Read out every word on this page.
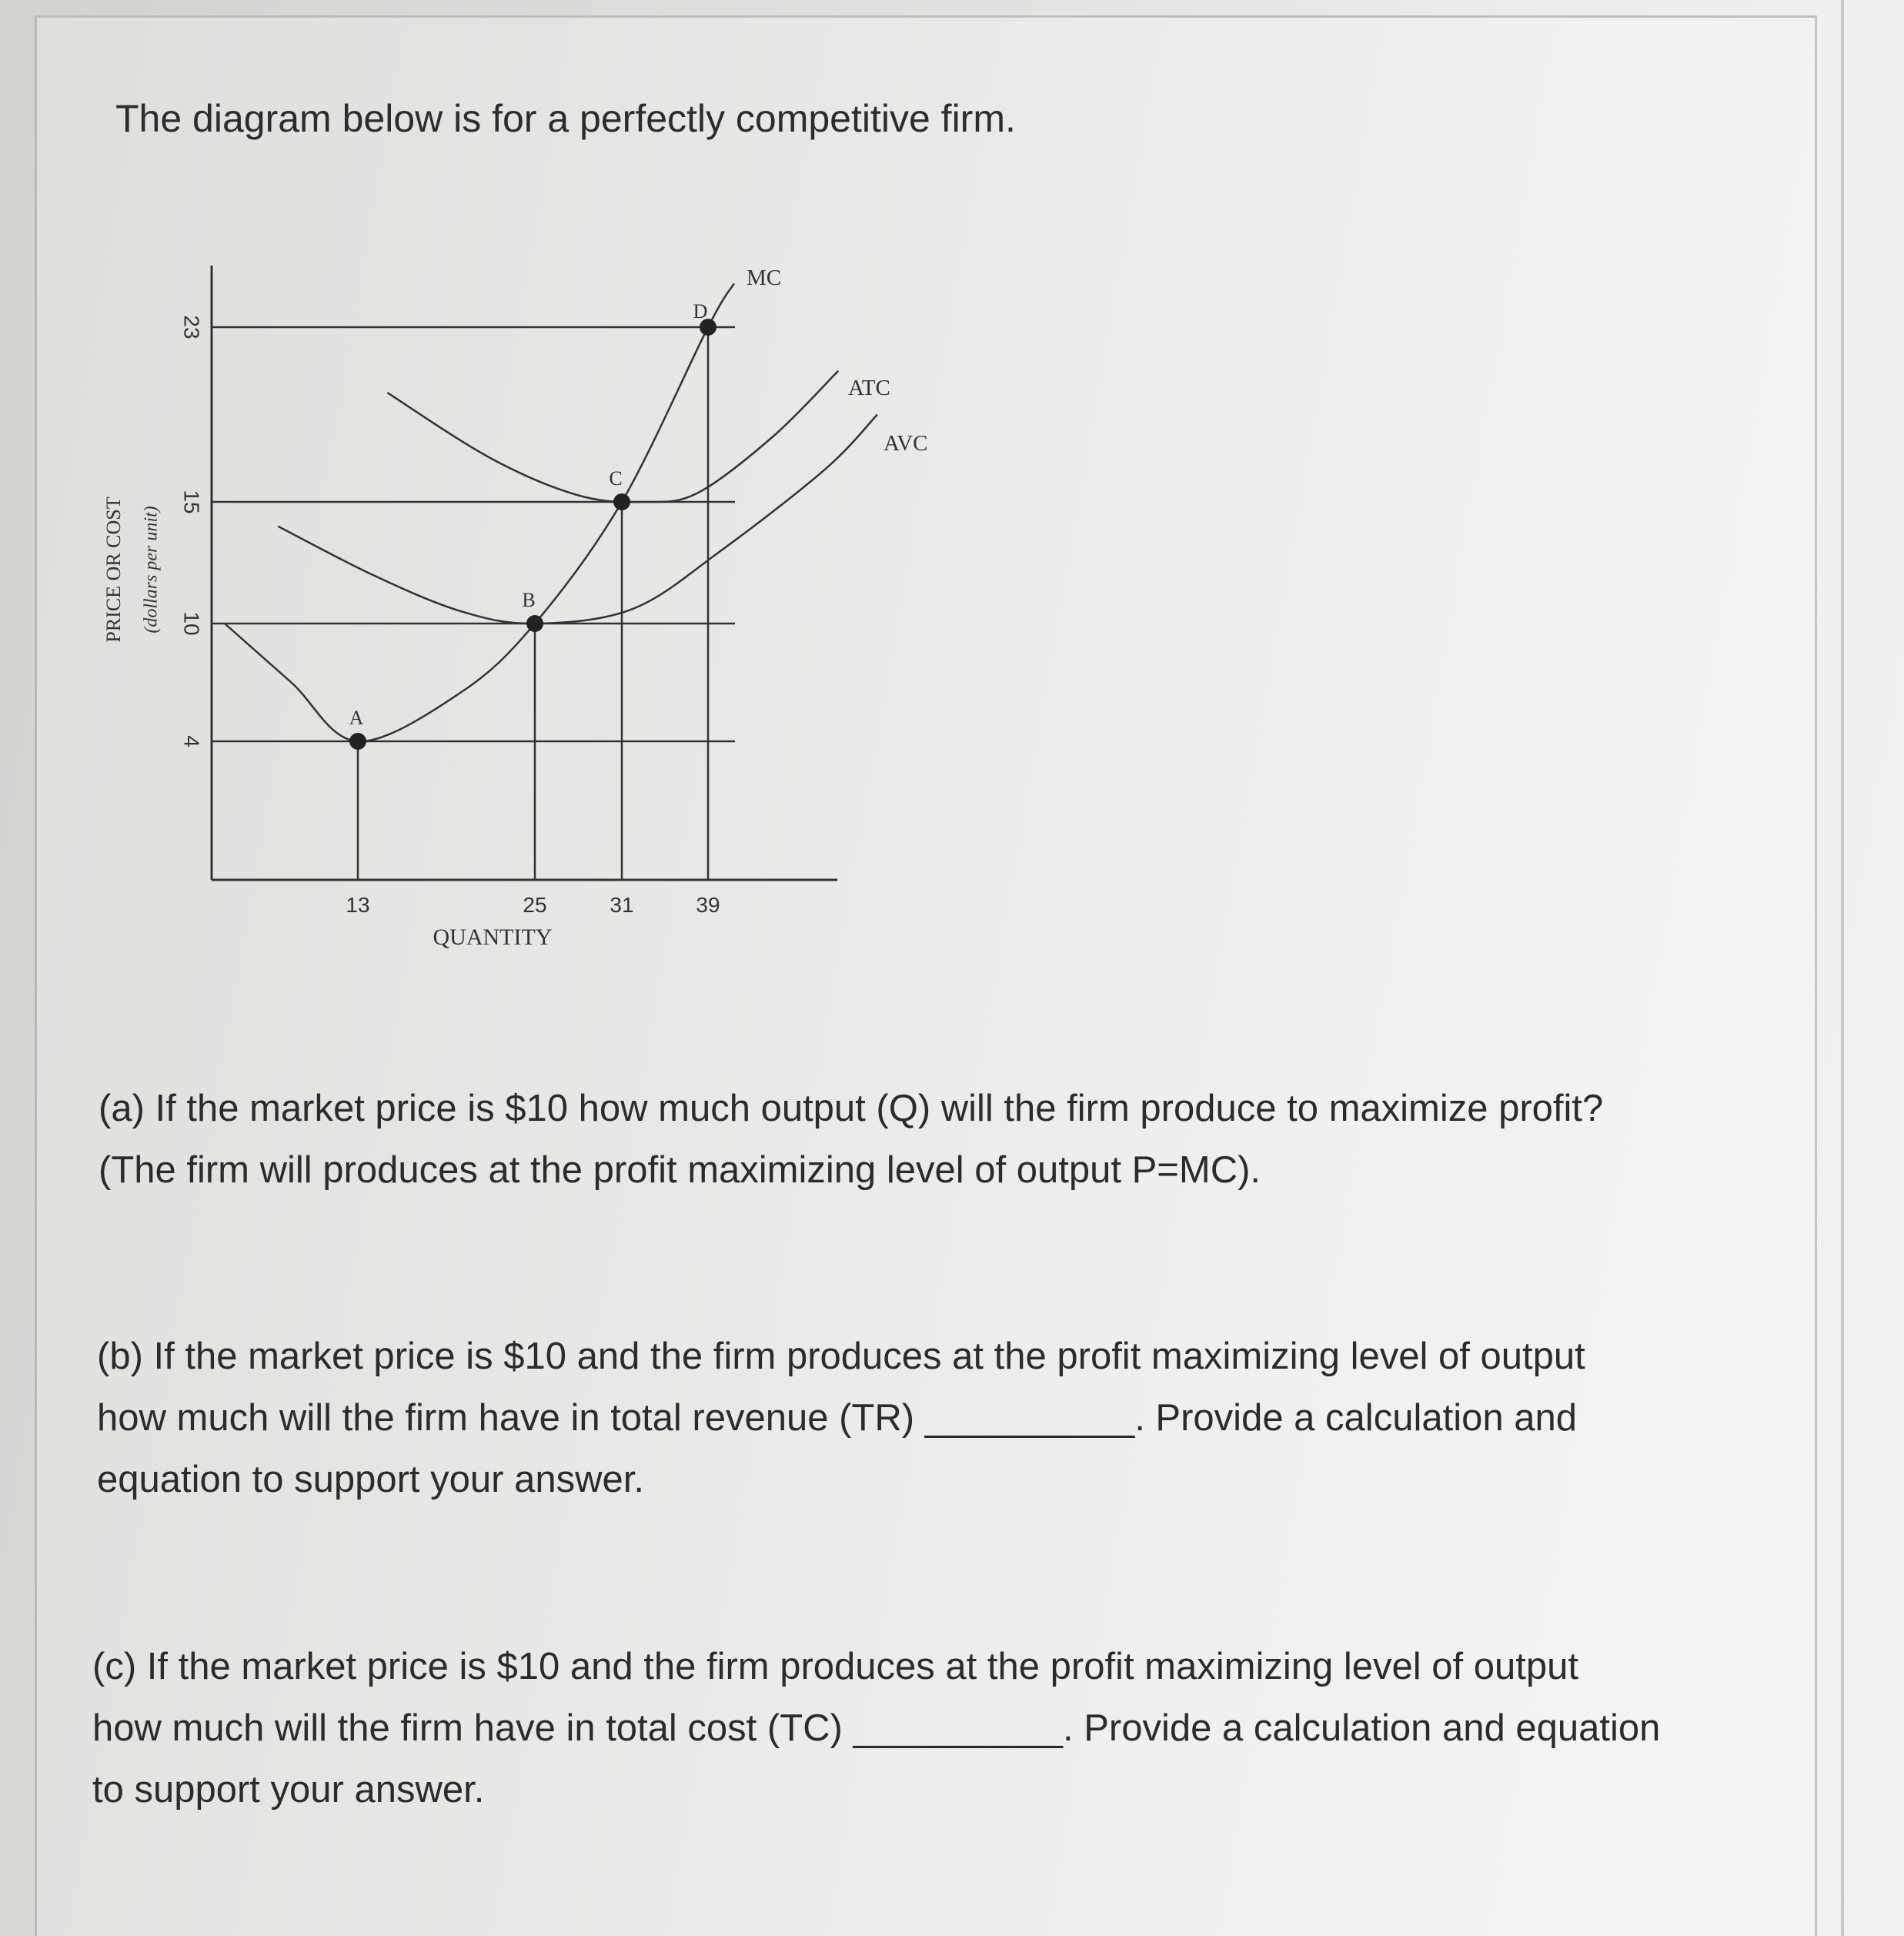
The diagram below is for a perfectly competitive firm.
A
B
C
D
MC
ATC
AVC
13	25	31	39
4
10
15
23
QUANTITY
PRICE OR COST (dollars per unit)
(a) If the market price is $10 how much output (Q) will the firm produce to maximize profit?
(The firm will produces at the profit maximizing level of output P=MC).
(b) If the market price is $10 and the firm produces at the profit maximizing level of output
how much will the firm have in total revenue (TR) __________. Provide a calculation and
equation to support your answer.
(c) If the market price is $10 and the firm produces at the profit maximizing level of output
how much will the firm have in total cost (TC) __________. Provide a calculation and equation
to support your answer.
